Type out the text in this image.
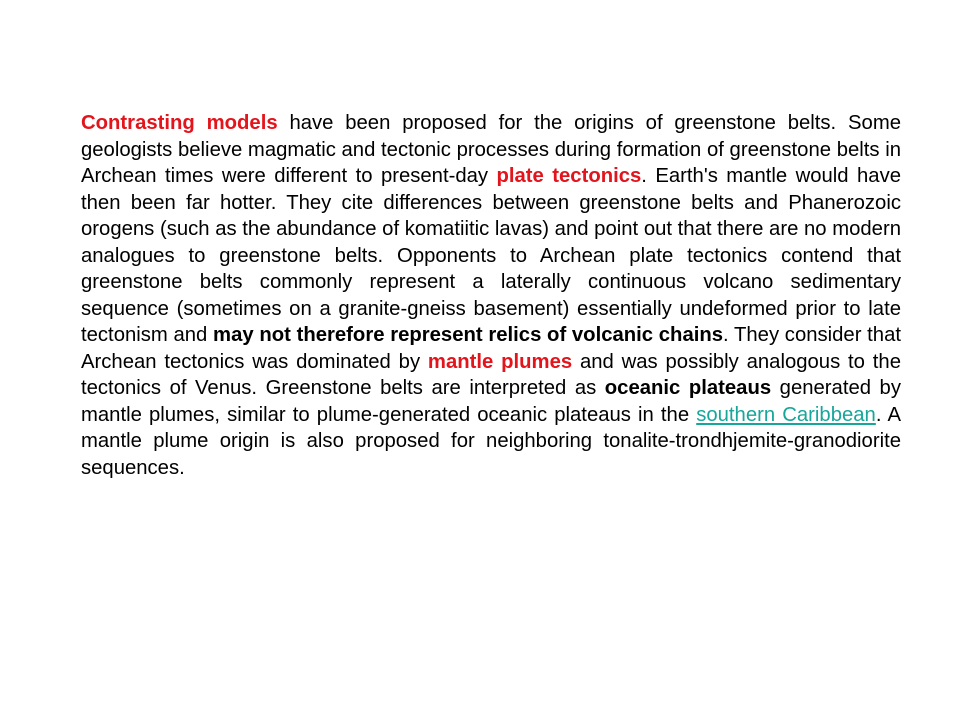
Contrasting models have been proposed for the origins of greenstone belts. Some geologists believe magmatic and tectonic processes during formation of greenstone belts in Archean times were different to present-day plate tectonics. Earth's mantle would have then been far hotter. They cite differences between greenstone belts and Phanerozoic orogens (such as the abundance of komatiitic lavas) and point out that there are no modern analogues to greenstone belts. Opponents to Archean plate tectonics contend that greenstone belts commonly represent a laterally continuous volcano sedimentary sequence (sometimes on a granite-gneiss basement) essentially undeformed prior to late tectonism and may not therefore represent relics of volcanic chains. They consider that Archean tectonics was dominated by mantle plumes and was possibly analogous to the tectonics of Venus. Greenstone belts are interpreted as oceanic plateaus generated by mantle plumes, similar to plume-generated oceanic plateaus in the southern Caribbean. A mantle plume origin is also proposed for neighboring tonalite-trondhjemite-granodiorite sequences.
